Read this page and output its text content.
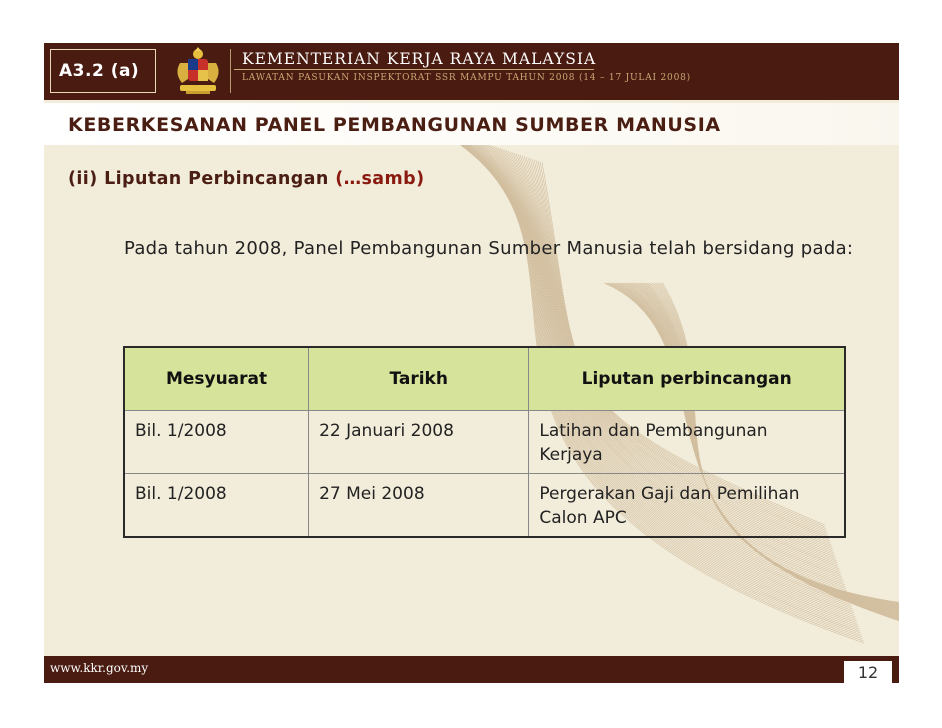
A3.2 (a)
KEMENTERIAN KERJA RAYA MALAYSIA
LAWATAN PASUKAN INSPEKTORAT SSR MAMPU TAHUN 2008 (14 – 17 JULAI 2008)
KEBERKESANAN PANEL PEMBANGUNAN SUMBER MANUSIA
(ii) Liputan Perbincangan (…samb)
Pada tahun 2008, Panel Pembangunan Sumber Manusia telah bersidang pada:
Mesyuarat	Tarikh	Liputan perbincangan
Bil. 1/2008	22 Januari 2008	Latihan dan Pembangunan Kerjaya
Bil. 1/2008	27 Mei 2008	Pergerakan Gaji dan Pemilihan Calon APC
www.kkr.gov.my	12
